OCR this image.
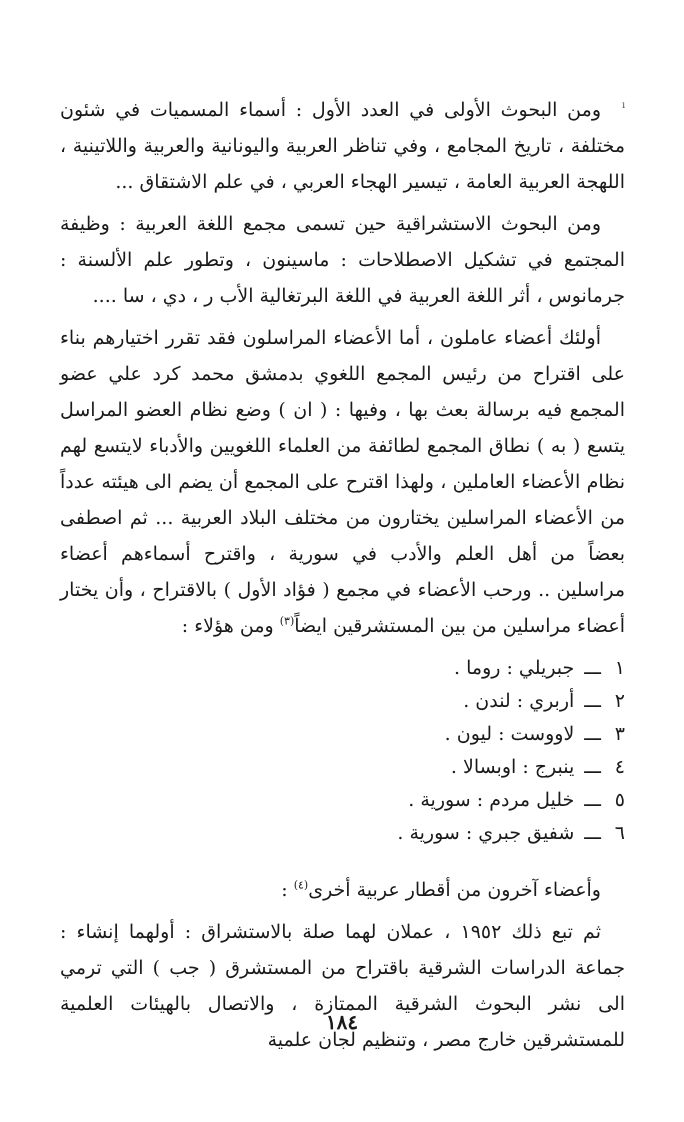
ı

ومن البحوث الأولى في العدد الأول : أسماء المسميات في شئون مختلفة ، تاريخ المجامع ، وفي تناظر العربية واليونانية والعربية واللاتينية ، اللهجة العربية العامة ، تيسير الهجاء العربي ، في علم الاشتقاق ...

ومن البحوث الاستشراقية حين تسمى مجمع اللغة العربية : وظيفة المجتمع في تشكيل الاصطلاحات : ماسينون ، وتطور علم الألسنة : جرمانوس ، أثر اللغة العربية في اللغة البرتغالية الأب ر ، دي ، سا ....

أولئك أعضاء عاملون ، أما الأعضاء المراسلون فقد تقرر اختيارهم بناء على اقتراح من رئيس المجمع اللغوي بدمشق محمد كرد علي عضو المجمع فيه برسالة بعث بها ، وفيها : ( ان ) وضع نظام العضو المراسل يتسع ( به ) نطاق المجمع لطائفة من العلماء اللغويين والأدباء لايتسع لهم نظام الأعضاء العاملين ، ولهذا اقترح على المجمع أن يضم الى هيئته عدداً من الأعضاء المراسلين يختارون من مختلف البلاد العربية ... ثم اصطفى بعضاً من أهل العلم والأدب في سورية ، واقترح أسماءهم أعضاء مراسلين .. ورحب الأعضاء في مجمع ( فؤاد الأول ) بالاقتراح ، وأن يختار أعضاء مراسلين من بين المستشرقين ايضاً$^{(٣)}$ ومن هؤلاء :

١
ـــ
جبريلي : روما .
٢
ـــ
أربري : لندن .
٣
ـــ
لاووست : ليون .
٤
ـــ
ينبرج : اوبسالا .
٥
ـــ
خليل مردم : سورية .
٦
ـــ
شفيق جبري : سورية .

وأعضاء آخرون من أقطار عربية أخرى$^{(٤)}$ :

ثم تبع ذلك ١٩٥٢ ، عملان لهما صلة بالاستشراق : أولهما إنشاء : جماعة الدراسات الشرقية باقتراح من المستشرق ( جب ) التي ترمي الى نشر البحوث الشرقية الممتازة ، والاتصال بالهيئات العلمية للمستشرقين خارج مصر ، وتنظيم لجان علمية

١٨٤
